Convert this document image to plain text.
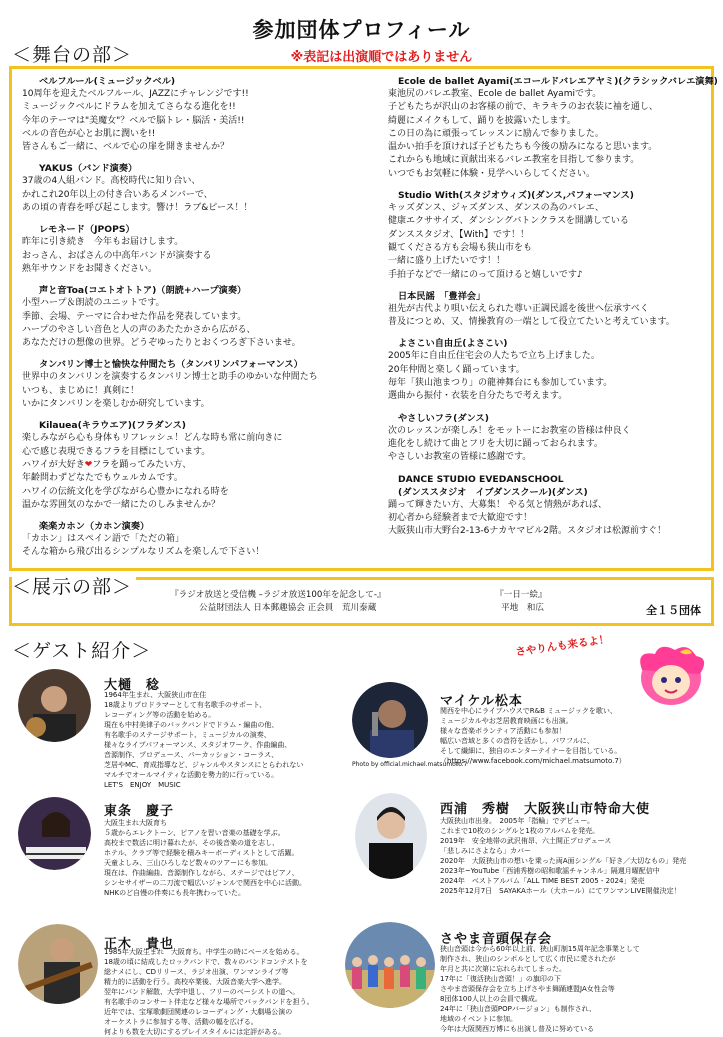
参加団体プロフィール
※表記は出演順ではありません
＜舞台の部＞
ベルフルール(ミュージックベル)
10周年を迎えたベルフルール、JAZZにチャレンジです!!
ミュージックベルにドラムを加えてさらなる進化を!!
今年のテーマは"美魔女"？ベルで脳トレ・脳活・美活!!
ベルの音色が心とお肌に潤いを!!
皆さんもご一緒に、ベルで心の扉を開きませんか？
YAKUS（バンド演奏）
37歳の4人組バンド。高校時代に知り合い、
かれこれ20年以上の付き合いあるメンバーで、
あの頃の青春を呼び起こします。響け！ラブ&ピース！！
レモネード（JPOPS）
昨年に引き続き　今年もお届けします。
おっさん、おばさんの中高年バンドが演奏する
熟年サウンドをお聞きください。
声と音Toa(コエトオトトア)（朗読+ハープ演奏）
小型ハープ＆朗読のユニットです。
季節、会場、テーマに合わせた作品を発表しています。
ハープのやさしい音色と人の声のあたたかさから広がる、
あなただけの想像の世界。どうぞゆったりとおくつろぎ下さいませ。
タンバリン博士と愉快な仲間たち（タンバリンパフォーマンス）
世界中のタンバリンを演奏するタンバリン博士と助手のゆかいな仲間たち
いつも、まじめに！真剣に！
いかにタンバリンを楽しむか研究しています。
Kilauea(キラウエア)(フラダンス)
楽しみながら心も身体もリフレッシュ！どんな時も常に前向きに
心で感じ表現できるフラを目標にしています。
ハワイが大好き❤フラを踊ってみたい方、
年齢問わずどなたでもウェルカムです。
ハワイの伝統文化を学びながら心豊かになれる時を
温かな雰囲気のなかで一緒にたのしみませんか？
楽楽カホン（カホン演奏）
「カホン」はスペイン語で「ただの箱」
そんな箱から飛び出るシンプルなリズムを楽しんで下さい！
Ecole de ballet Ayami(エコールドバレエアヤミ)(クラシックバレエ演舞)
東池尻のバレエ教室、Ecole de ballet Ayamiです。
子どもたちが沢山のお客様の前で、キラキラのお衣装に袖を通し、
綺麗にメイクもして、踊りを披露いたします。
この日の為に頑張ってレッスンに励んで参りました。
温かい拍手を頂ければ子どもたちも今後の励みになると思います。
これからも地域に貢献出来るバレエ教室を目指して参ります。
いつでもお気軽に体験・見学へいらしてください。
Studio With(スタジオウィズ)(ダンス,パフォーマンス)
キッズダンス、ジャズダンス、ダンスの為のバレエ、
健康エクササイズ、ダンシングバトンクラスを開講している
ダンススタジオ、【With】です！！
観てくださる方も会場も狭山市をも
一緒に盛り上げたいです！！
手拍子などで一緒にのって頂けると嬉しいです♪
日本民謡　「豊祥会」
祖先が古代より唄い伝えられた尊い正調民謡を後世へ伝承すべく
普及につとめ、又、情操教育の一端として役立てたいと考えています。
よさこい自由丘(よさこい)
2005年に自由丘住宅会の人たちで立ち上げました。
20年仲間と楽しく踊っています。
毎年「狭山池まつり」の龍神舞台にも参加しています。
選曲から振付・衣装を自分たちで考えます。
やさしいフラ(ダンス)
次のレッスンが楽しみ！をモットーにお教室の皆様は仲良く
進化をし続けて曲とフリを大切に踊っておられます。
やさしいお教室の皆様に感謝です。
DANCE STUDIO EVEDANSCHOOL
(ダンススタジオ　イブダンスクール)(ダンス)
踊って輝きたい方、大募集！ やる気と情熱があれば、
初心者から経験者まで大歓迎です！
大阪狭山市大野台2-13-6ナカヤマビル2階。スタジオは松源前すぐ！
＜展示の部＞	『ラジオ放送と受信機 –ラジオ放送100年を記念して-』
公益財団法人 日本郵趣協会 正会員　荒川泰蔵
『一日一絵』
平地　和広	全１５団体
＜ゲスト紹介＞	さやりんも来るよ！
大樋　稔
1964年生まれ、大阪狭山市在住
18歳よりプロドラマーとして有名歌手のサポート、
レコーディング等の活動を始める。
現在も中村美律子のバックバンドでドラム・編曲の他、
有名歌手のステージサポート、ミュージカルの演奏、
様々なライブパフォーマンス、スタジオワーク、作曲編曲、
音源制作、プロデュース、パーカッション・コーラス、
芝居やMC、育成指導など、ジャンルやスタンスにとらわれない
マルチでオールマイティな活動を勢力的に行っている。
LET'S　ENJOY　MUSIC
マイケル松本
関西を中心にライブハウスでR&B ミュージックを歌い、
ミュージカルやお芝居教育映画にも出演。
様々な音楽ボランティア活動にも参加！
幅広い音域と多くの音符を活かし、パワフルに、
そして繊細に、独自のエンターテイナーを目指している。
（https://www.facebook.com/michael.matsumoto.7）
Photo by official.michael.matsumoto.7
東条　慶子
大阪生まれ大阪育ち
５歳からエレクトーン、ピアノを習い音楽の基礎を学ぶ。
高校まで数活に明け暮れたが、その後音楽の道を志し、
ホテル、クラブ等で経験を積みキーボーディストとして活躍。
天童よしみ、三山ひろしなど数々のツアーにも参加。
現在は、作曲編曲、音源制作しながら、ステージではピアノ、
シンセサイザーの二刀流で幅広いジャンルで関西を中心に活動。
NHKのど自慢の伴奏にも長年携わっていた。
西浦　秀樹　大阪狭山市特命大使
大阪狭山市出身。　2005年「指輪」でデビュー。
これまで10枚のシングルと1枚のアルバムを発売。
2019年　安全地帯の武沢侑昂、六土開正プロデュース
「悲しみにさよなら」カバー
2020年　大阪狭山市の想いを乗った両A面シングル「好き／大切なもの」発売
2023年~YouTube「西浦秀樹の昭和歌謡チャンネル」隔週月曜配信中
2024年　ベストアルバム「ALL TIME BEST 2005 - 2024」発売
2025年12月7日　SAYAKAホール（大ホール）にてワンマンLIVE開催決定！
正木　貴也
1985年大阪生まれ　大阪育ち。中学生の時にベースを始める。
18歳の頃に結成したロックバンドで、数々のバンドコンテストを
総ナメにし、CDリリース、ラジオ出演、ワンマンライブ等
精力的に活動を行う。高校卒業後、大阪音楽大学へ進学。
翌年にバンド解散、大学中退し、フリーのベーシストの道へ。
有名歌手のコンサート伴走など様々な場所でバックバンドを担う。
近年では、宝塚歌劇団関連のレコーディング・大劇場公演の
オーケストラに参加する等、活動の幅を広げる。
何よりも数を大切にするプレイスタイルには定評がある。
さやま音頭保存会
狭山音頭は今から60年以上前、狭山町制15周年記念事業として
制作され、狭山のシンボルとして広く市民に愛されたが
年月と共に次第に忘れられてしまった。
17年に「復活狭山音頭！」の旗印の下
さやま音頭保存会を立ち上げさやま舞踊連盟JA女性会等
8団体100人以上の会員で構成。
24年に「狭山音頭POPバージョン」も制作され、
地域のイベントに参加。
今年は大阪関西万博にも出演し普及に努めている
